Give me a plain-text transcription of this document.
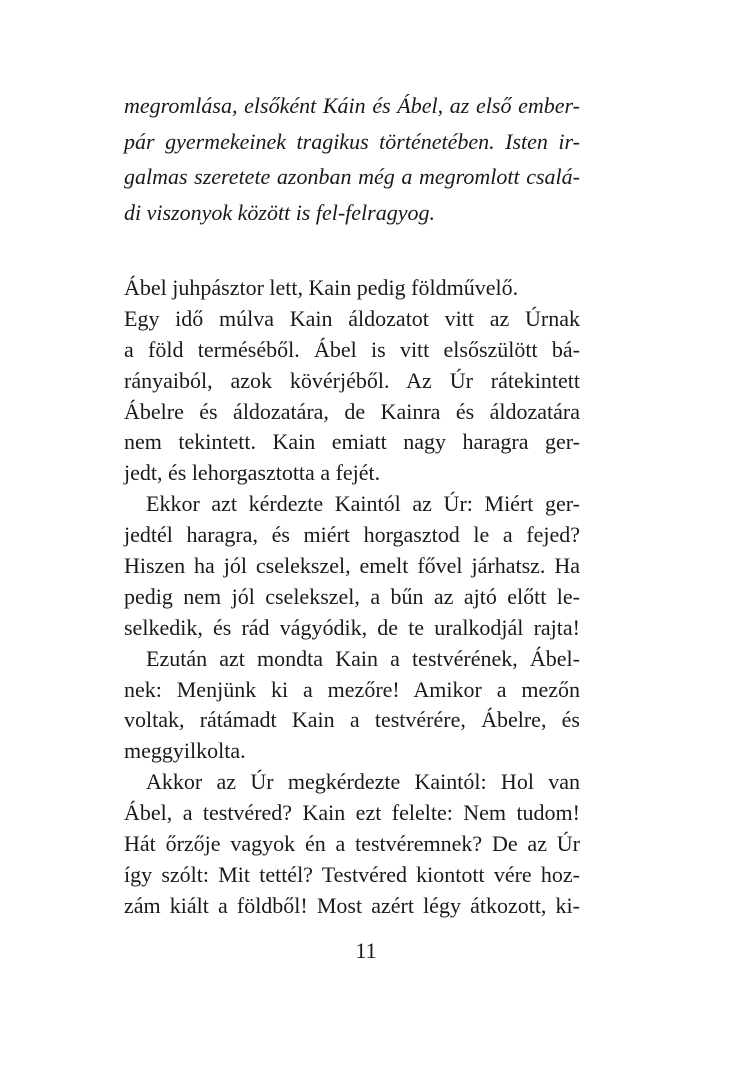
megromlása, elsőként Káin és Ábel, az első ember-
pár gyermekeinek tragikus történetében. Isten ir-
galmas szeretete azonban még a megromlott csalá-
di viszonyok között is fel-felragyog.
Ábel juhpásztor lett, Kain pedig földművelő.
Egy idő múlva Kain áldozatot vitt az Úrnak
a föld terméséből. Ábel is vitt elsőszülött bá-
rányaiból, azok kövérjéből. Az Úr rátekintett
Ábelre és áldozatára, de Kainra és áldozatára
nem tekintett. Kain emiatt nagy haragra ger-
jedt, és lehorgasztotta a fejét.
Ekkor azt kérdezte Kaintól az Úr: Miért ger-
jedtél haragra, és miért horgasztod le a fejed?
Hiszen ha jól cselekszel, emelt fővel járhatsz. Ha
pedig nem jól cselekszel, a bűn az ajtó előtt le-
selkedik, és rád vágyódik, de te uralkodjál rajta!
Ezután azt mondta Kain a testvérének, Ábel-
nek: Menjünk ki a mezőre! Amikor a mezőn
voltak, rátámadt Kain a testvérére, Ábelre, és
meggyilkolta.
Akkor az Úr megkérdezte Kaintól: Hol van
Ábel, a testvéred? Kain ezt felelte: Nem tudom!
Hát őrzője vagyok én a testvéremnek? De az Úr
így szólt: Mit tettél? Testvéred kiontott vére hoz-
zám kiált a földből! Most azért légy átkozott, ki-
11
